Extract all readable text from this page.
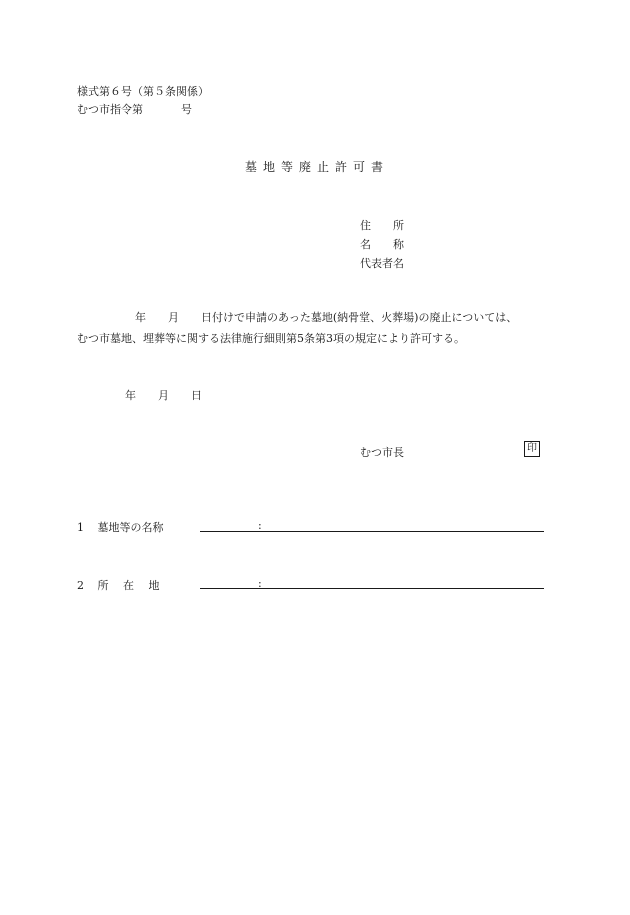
様式第６号（第５条関係）
むつ市指令第	号
墓地等廃止許可書
住　　所
名　　称
代表者名
年 月 日付けで申請のあった墓地(納骨堂、火葬場)の廃止については、
むつ市墓地、埋葬等に関する法律施行細則第5条第3項の規定により許可する。
年 月 日
むつ市長	印
1 墓地等の名称	:
2 所　 在　 地	:
